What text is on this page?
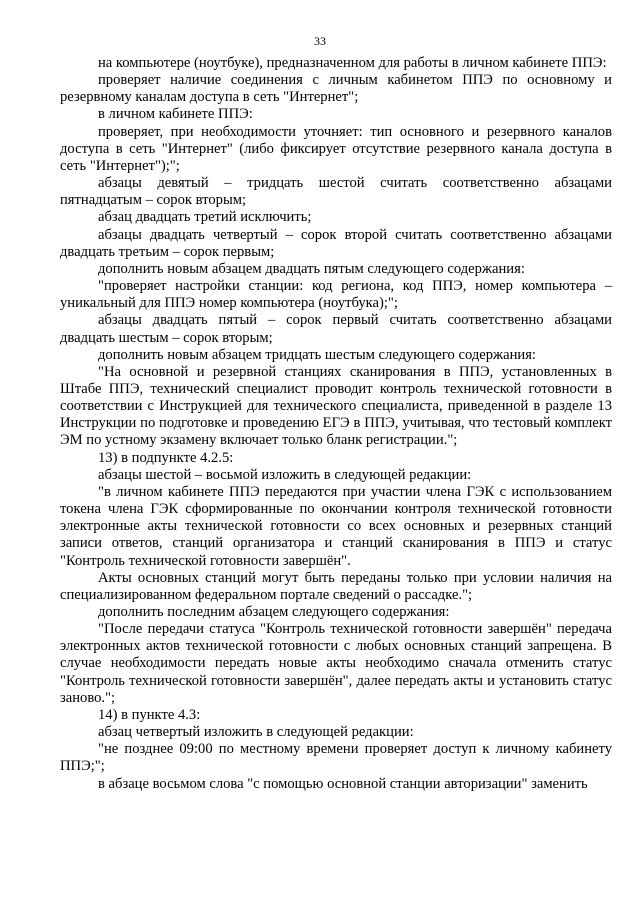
33

на компьютере (ноутбуке), предназначенном для работы в личном кабинете ППЭ:

проверяет наличие соединения с личным кабинетом ППЭ по основному и резервному каналам доступа в сеть "Интернет";

в личном кабинете ППЭ:

проверяет, при необходимости уточняет: тип основного и резервного каналов доступа в сеть "Интернет" (либо фиксирует отсутствие резервного канала доступа в сеть "Интернет");";

абзацы девятый – тридцать шестой считать соответственно абзацами пятнадцатым – сорок вторым;

абзац двадцать третий исключить;

абзацы двадцать четвертый – сорок второй считать соответственно абзацами двадцать третьим – сорок первым;

дополнить новым абзацем двадцать пятым следующего содержания:

"проверяет настройки станции: код региона, код ППЭ, номер компьютера – уникальный для ППЭ номер компьютера (ноутбука);";

абзацы двадцать пятый – сорок первый считать соответственно абзацами двадцать шестым – сорок вторым;

дополнить новым абзацем тридцать шестым следующего содержания:

"На основной и резервной станциях сканирования в ППЭ, установленных в Штабе ППЭ, технический специалист проводит контроль технической готовности в соответствии с Инструкцией для технического специалиста, приведенной в разделе 13 Инструкции по подготовке и проведению ЕГЭ в ППЭ, учитывая, что тестовый комплект ЭМ по устному экзамену включает только бланк регистрации.";

13) в подпункте 4.2.5:

абзацы шестой – восьмой изложить в следующей редакции:

"в личном кабинете ППЭ передаются при участии члена ГЭК с использованием токена члена ГЭК сформированные по окончании контроля технической готовности электронные акты технической готовности со всех основных и резервных станций записи ответов, станций организатора и станций сканирования в ППЭ и статус "Контроль технической готовности завершён".

Акты основных станций могут быть переданы только при условии наличия на специализированном федеральном портале сведений о рассадке.";

дополнить последним абзацем следующего содержания:

"После передачи статуса "Контроль технической готовности завершён" передача электронных актов технической готовности с любых основных станций запрещена. В случае необходимости передать новые акты необходимо сначала отменить статус "Контроль технической готовности завершён", далее передать акты и установить статус заново.";

14) в пункте 4.3:

абзац четвертый изложить в следующей редакции:

"не позднее 09:00 по местному времени проверяет доступ к личному кабинету ППЭ;";

в абзаце восьмом слова "с помощью основной станции авторизации" заменить
